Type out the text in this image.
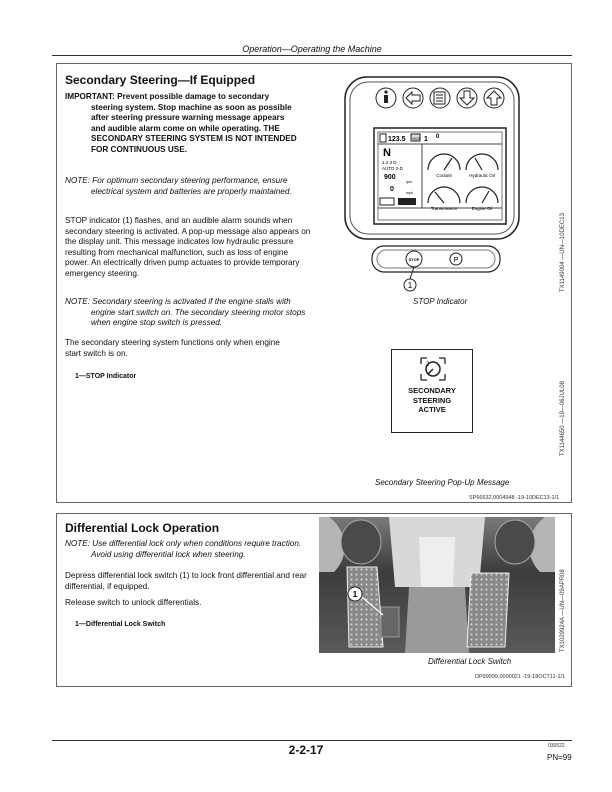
Operation—Operating the Machine
Secondary Steering—If Equipped
IMPORTANT: Prevent possible damage to secondary steering system. Stop machine as soon as possible after steering pressure warning message appears and audible alarm come on while operating. THE SECONDARY STEERING SYSTEM IS NOT INTENDED FOR CONTINUOUS USE.
NOTE: For optimum secondary steering performance, ensure electrical system and batteries are properly maintained.
STOP indicator (1) flashes, and an audible alarm sounds when secondary steering is activated. A pop-up message also appears on the display unit. This message indicates low hydraulic pressure resulting from mechanical malfunction, such as loss of engine power. An electrically driven pump actuates to provide temporary emergency steering.
NOTE: Secondary steering is activated if the engine stalls with engine start switch on. The secondary steering motor stops when engine stop switch is pressed.
The secondary steering system functions only when engine start switch is on.
1—STOP Indicator
123.5 0923 1 0
N
1 2 3 D
AUTO 2-D
900
rpm
0	mph
Coolant	Hydraulic Oil
Transmission	Engine Oil
STOP	P
1
STOP Indicator
TX1149004 —UN—10DEC13
2
SECONDARY
STEERING
ACTIVE
Secondary Steering Pop-Up Message
TX1144650 —19—06JUL08
SP66632,0004948 -19-10DEC13-1/1
Differential Lock Operation
NOTE: Use differential lock only when conditions require traction. Avoid using differential lock when steering.
Depress differential lock switch (1) to lock front differential and rear differential, if equipped.
Release switch to unlock differentials.
1—Differential Lock Switch
1
Differential Lock Switch
TX1029924A —UN—09APR08
DP99999,0000021 -19-18OCT11-1/1
2-2-17	030522
PN=99
